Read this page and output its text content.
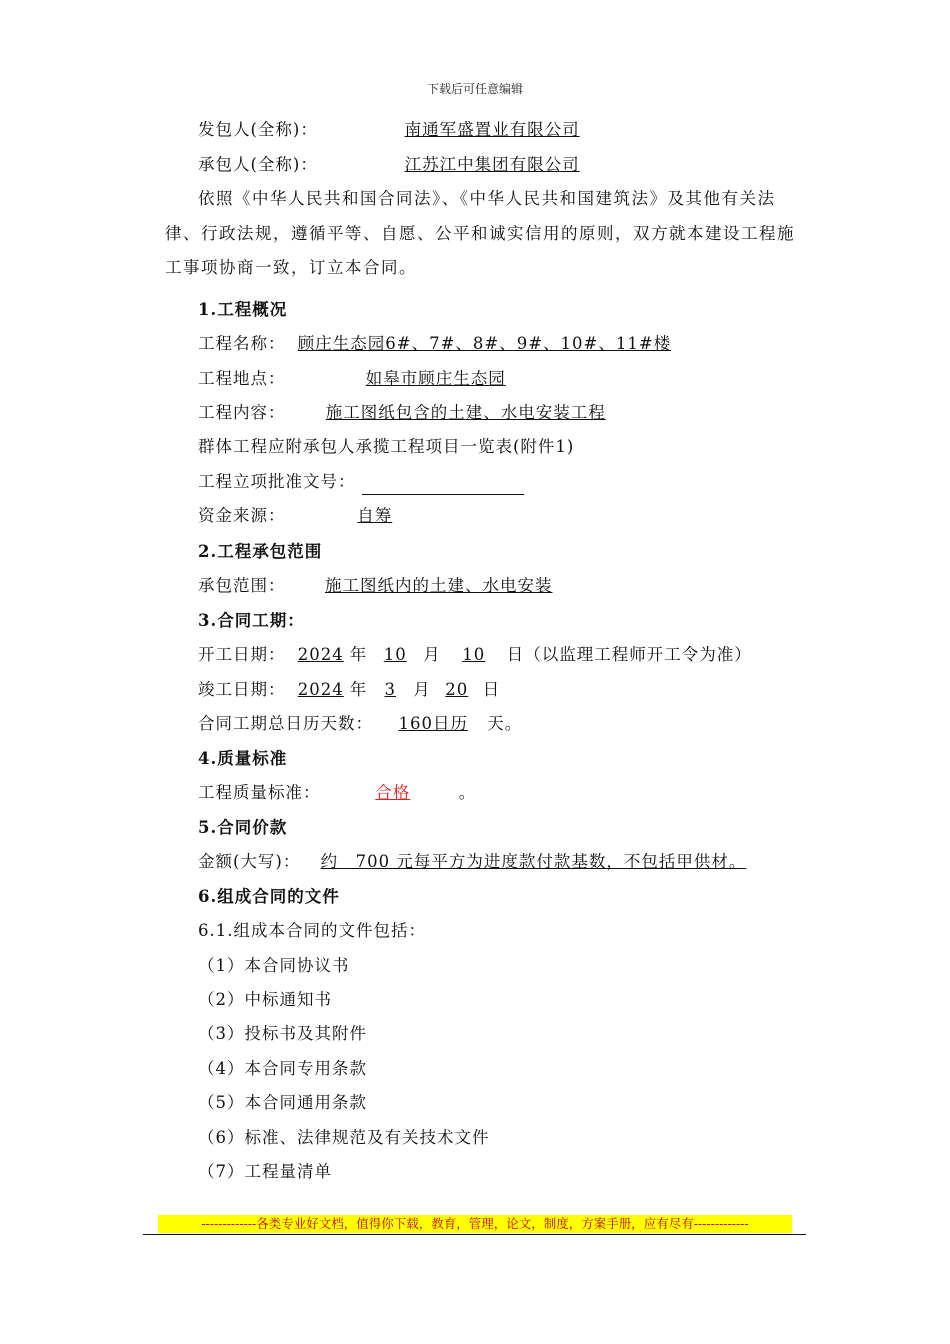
下载后可任意编辑
发包人(全称)：	南通军盛置业有限公司
承包人(全称)：	江苏江中集团有限公司
依照《中华人民共和国合同法》、《中华人民共和国建筑法》及其他有关法律、行政法规，遵循平等、自愿、公平和诚实信用的原则，双方就本建设工程施工事项协商一致，订立本合同。
1.工程概况
工程名称： 顾庄生态园6#、7#、8#、9#、10#、11#楼
工程地点：	如皋市顾庄生态园
工程内容： 施工图纸包含的土建、水电安装工程
群体工程应附承包人承揽工程项目一览表(附件1)
工程立项批准文号：
资金来源：	自筹
2.工程承包范围
承包范围： 施工图纸内的土建、水电安装
3.合同工期：
开工日期： 2024 年 10 月 10 日（以监理工程师开工令为准）
竣工日期： 2024 年 3 月 20 日
合同工期总日历天数： 160日历 天。
4.质量标准
工程质量标准：	合格	。
5.合同价款
金额(大写)： 约　700 元每平方为进度款付款基数，不包括甲供材。
6.组成合同的文件
6.1.组成本合同的文件包括：
（1）本合同协议书
（2）中标通知书
（3）投标书及其附件
（4）本合同专用条款
（5）本合同通用条款
（6）标准、法律规范及有关技术文件
（7）工程量清单
-------------各类专业好文档，值得你下载，教育，管理，论文，制度，方案手册，应有尽有-------------
